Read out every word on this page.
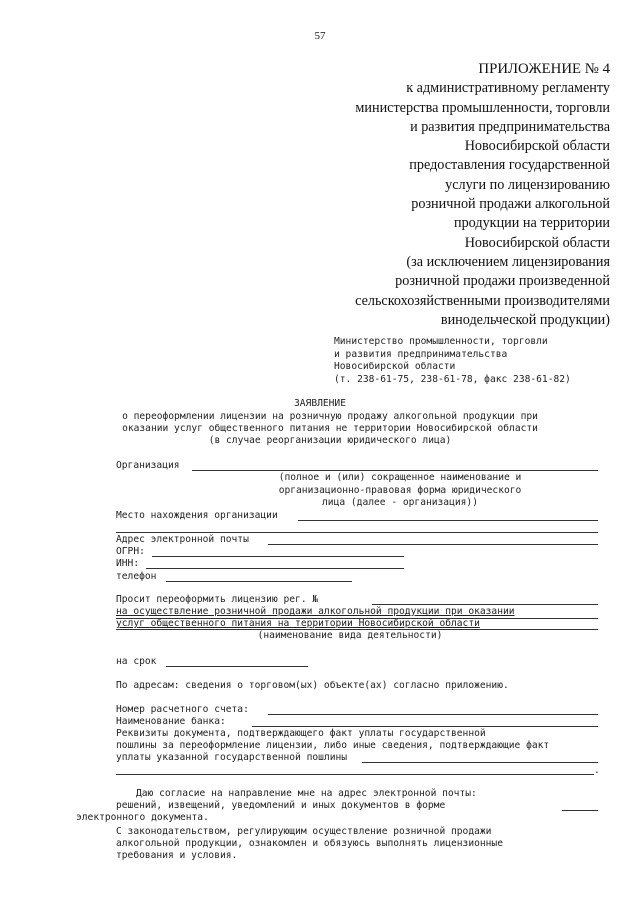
57
ПРИЛОЖЕНИЕ № 4
к административному регламенту
министерства промышленности, торговли
и развития предпринимательства
Новосибирской области
предоставления государственной
услуги по лицензированию
розничной продажи алкогольной
продукции на территории
Новосибирской области
(за исключением лицензирования
розничной продажи произведенной
сельскохозяйственными производителями
винодельческой продукции)
Министерство промышленности, торговли
и развития предпринимательства
Новосибирской области
(т. 238-61-75, 238-61-78, факс 238-61-82)
ЗАЯВЛЕНИЕ
о переоформлении лицензии на розничную продажу алкогольной продукции при
оказании услуг общественного питания не территории Новосибирской области
(в случае реорганизации юридического лица)
Организация
(полное и (или) сокращенное наименование и
организационно-правовая форма юридического
лица (далее - организация))
Место нахождения организации
Адрес электронной почты
ОГРН:
ИНН:
телефон
Просит переоформить лицензию рег. №
на осуществление розничной продажи алкогольной продукции при оказании
услуг общественного питания на территории Новосибирской области
(наименование вида деятельности)
на срок
По адресам: сведения о торговом(ых) объекте(ах) согласно приложению.
Номер расчетного счета:
Наименование банка:
Реквизиты документа, подтверждающего факт уплаты государственной
пошлины за переоформление лицензии, либо иные сведения, подтверждающие факт
уплаты указанной государственной пошлины
.
Даю согласие на направление мне на адрес электронной почты:
решений, извещений, уведомлений и иных документов в форме
электронного документа.
С законодательством, регулирующим осуществление розничной продажи
алкогольной продукции, ознакомлен и обязуюсь выполнять лицензионные
требования и условия.
